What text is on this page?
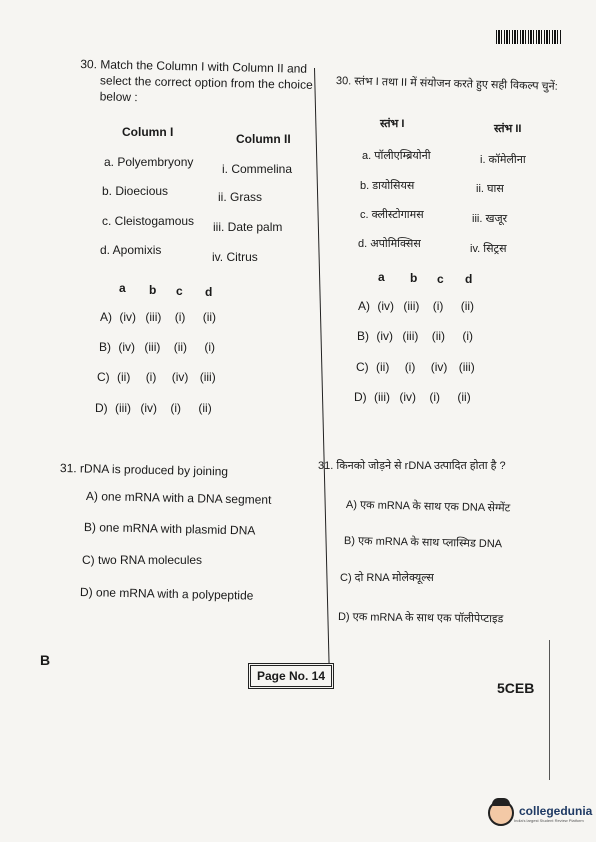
30. Match the Column I with Column II and
select the correct option from the choice
below :
Column I	Column II
a. Polyembryony
b. Dioecious
c. Cleistogamous
d. Apomixis
i. Commelina
ii. Grass
iii. Date palm
iv. Citrus
a b c d
A) (iv) (iii) (i) (ii)
B) (iv) (iii) (ii) (i)
C) (ii) (i) (iv) (iii)
D) (iii) (iv) (i) (ii)
30. स्तंभ I तथा II में संयोजन करते हुए सही विकल्प चुनें:
स्तंभ I	स्तंभ II
a. पॉलीएम्ब्रियोनी
b. डायोसियस
c. क्लीस्टोगामस
d. अपोमिक्सिस
i. कॉमेलीना
ii. घास
iii. खजूर
iv. सिट्रस
a b c d
A) (iv) (iii) (i) (ii)
B) (iv) (iii) (ii) (i)
C) (ii) (i) (iv) (iii)
D) (iii) (iv) (i) (ii)
31. rDNA is produced by joining
A) one mRNA with a DNA segment
B) one mRNA with plasmid DNA
C) two RNA molecules
D) one mRNA with a polypeptide
31. किनको जोड़ने से rDNA उत्पादित होता है ?
A) एक mRNA के साथ एक DNA सेग्मेंट
B) एक mRNA के साथ प्लास्मिड DNA
C) दो RNA मोलेक्यूल्स
D) एक mRNA के साथ एक पॉलीपेप्टाइड
B
Page No. 14
5CEB
collegedunia
India's largest Student Review Platform
